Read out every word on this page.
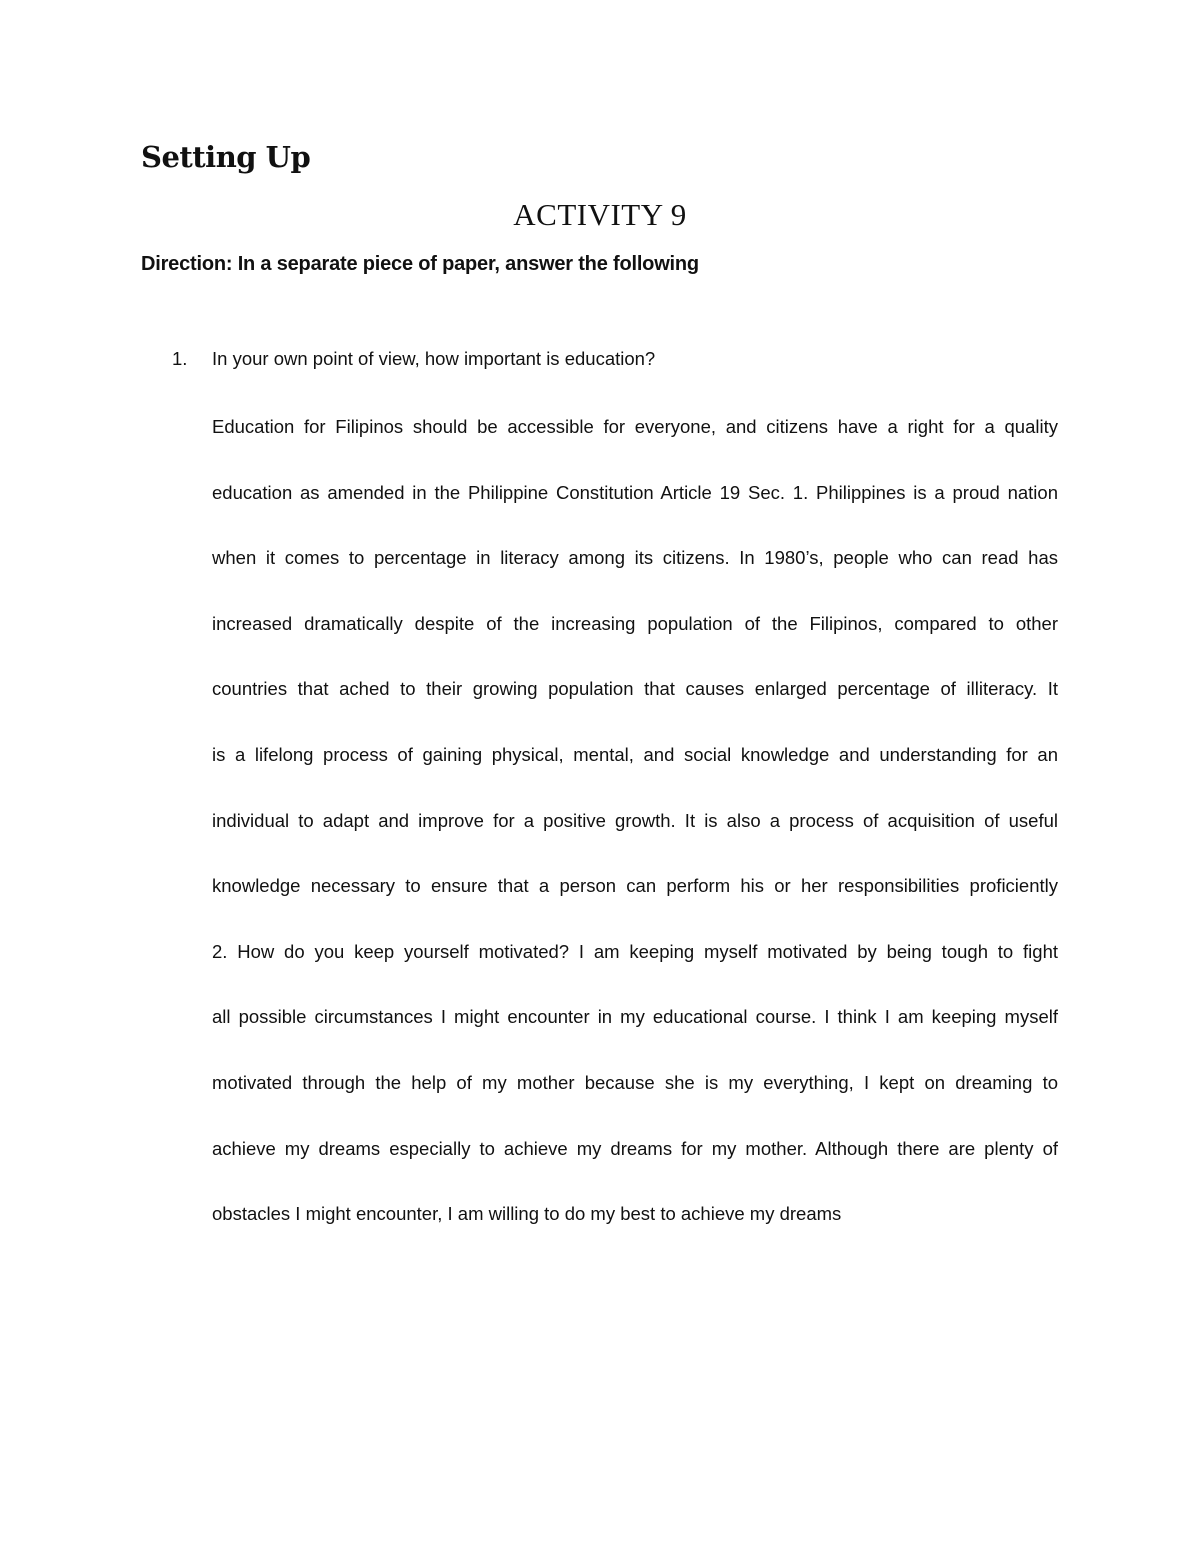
Setting Up
ACTIVITY 9
Direction: In a separate piece of paper, answer the following
1. In your own point of view, how important is education?
Education for Filipinos should be accessible for everyone, and citizens have a right for a quality
education as amended in the Philippine Constitution Article 19 Sec. 1. Philippines is a proud nation
when it comes to percentage in literacy among its citizens. In 1980’s, people who can read has
increased dramatically despite of the increasing population of the Filipinos, compared to other
countries that ached to their growing population that causes enlarged percentage of illiteracy. It
is a lifelong process of gaining physical, mental, and social knowledge and understanding for an
individual to adapt and improve for a positive growth. It is also a process of acquisition of useful
knowledge necessary to ensure that a person can perform his or her responsibilities proficiently
2. How do you keep yourself motivated? I am keeping myself motivated by being tough to fight
all possible circumstances I might encounter in my educational course. I think I am keeping myself
motivated through the help of my mother because she is my everything, I kept on dreaming to
achieve my dreams especially to achieve my dreams for my mother. Although there are plenty of
obstacles I might encounter, I am willing to do my best to achieve my dreams
